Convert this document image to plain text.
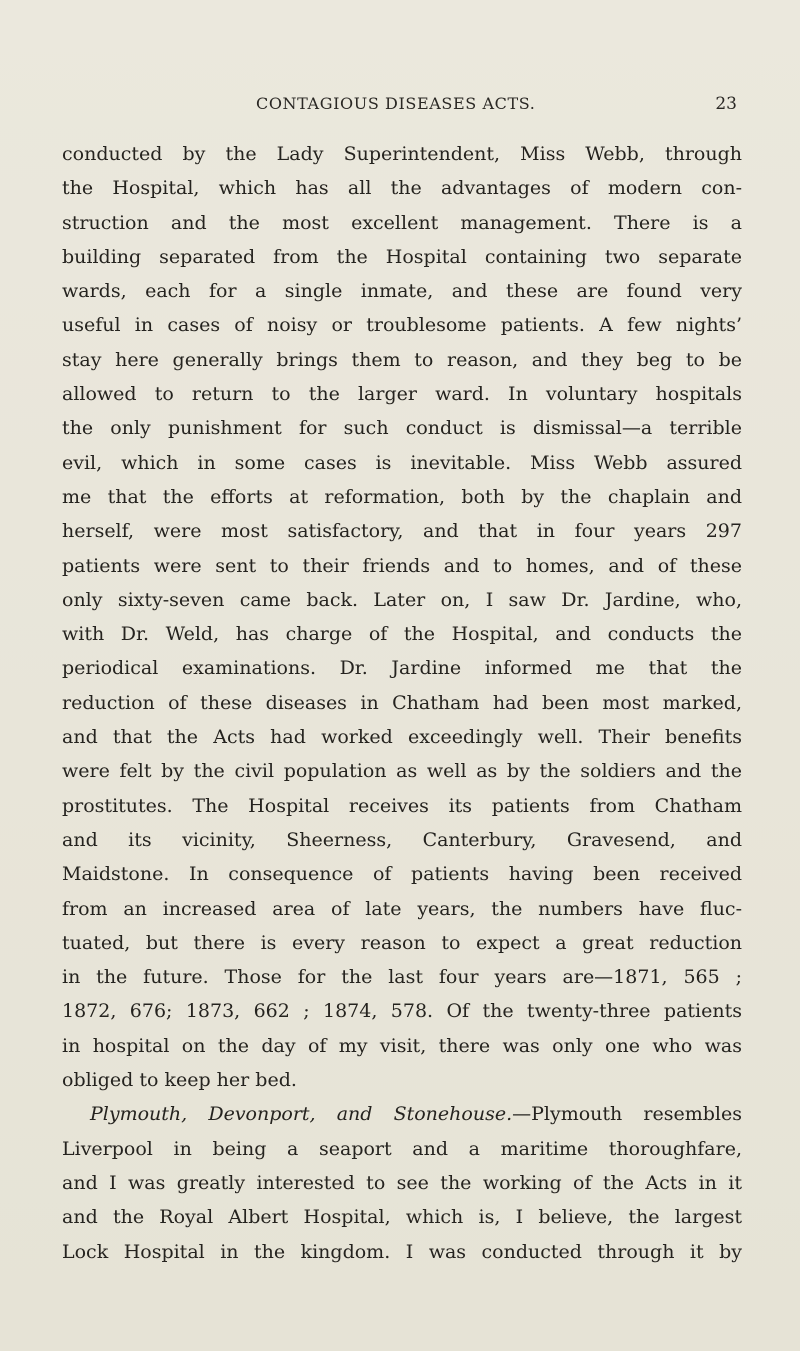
CONTAGIOUS DISEASES ACTS.	23
conducted by the Lady Superintendent, Miss Webb, through
the Hospital, which has all the advantages of modern con-
struction and the most excellent management. There is a
building separated from the Hospital containing two separate
wards, each for a single inmate, and these are found very
useful in cases of noisy or troublesome patients. A few nights’
stay here generally brings them to reason, and they beg to be
allowed to return to the larger ward. In voluntary hospitals
the only punishment for such conduct is dismissal—a terrible
evil, which in some cases is inevitable. Miss Webb assured
me that the efforts at reformation, both by the chaplain and
herself, were most satisfactory, and that in four years 297
patients were sent to their friends and to homes, and of these
only sixty-seven came back. Later on, I saw Dr. Jardine, who,
with Dr. Weld, has charge of the Hospital, and conducts the
periodical examinations. Dr. Jardine informed me that the
reduction of these diseases in Chatham had been most marked,
and that the Acts had worked exceedingly well. Their benefits
were felt by the civil population as well as by the soldiers and the
prostitutes. The Hospital receives its patients from Chatham
and its vicinity, Sheerness, Canterbury, Gravesend, and
Maidstone. In consequence of patients having been received
from an increased area of late years, the numbers have fluc-
tuated, but there is every reason to expect a great reduction
in the future. Those for the last four years are—1871, 565 ;
1872, 676; 1873, 662 ; 1874, 578. Of the twenty-three patients
in hospital on the day of my visit, there was only one who was
obliged to keep her bed.
Plymouth, Devonport, and Stonehouse.—Plymouth resembles
Liverpool in being a seaport and a maritime thoroughfare,
and I was greatly interested to see the working of the Acts in it
and the Royal Albert Hospital, which is, I believe, the largest
Lock Hospital in the kingdom. I was conducted through it by
